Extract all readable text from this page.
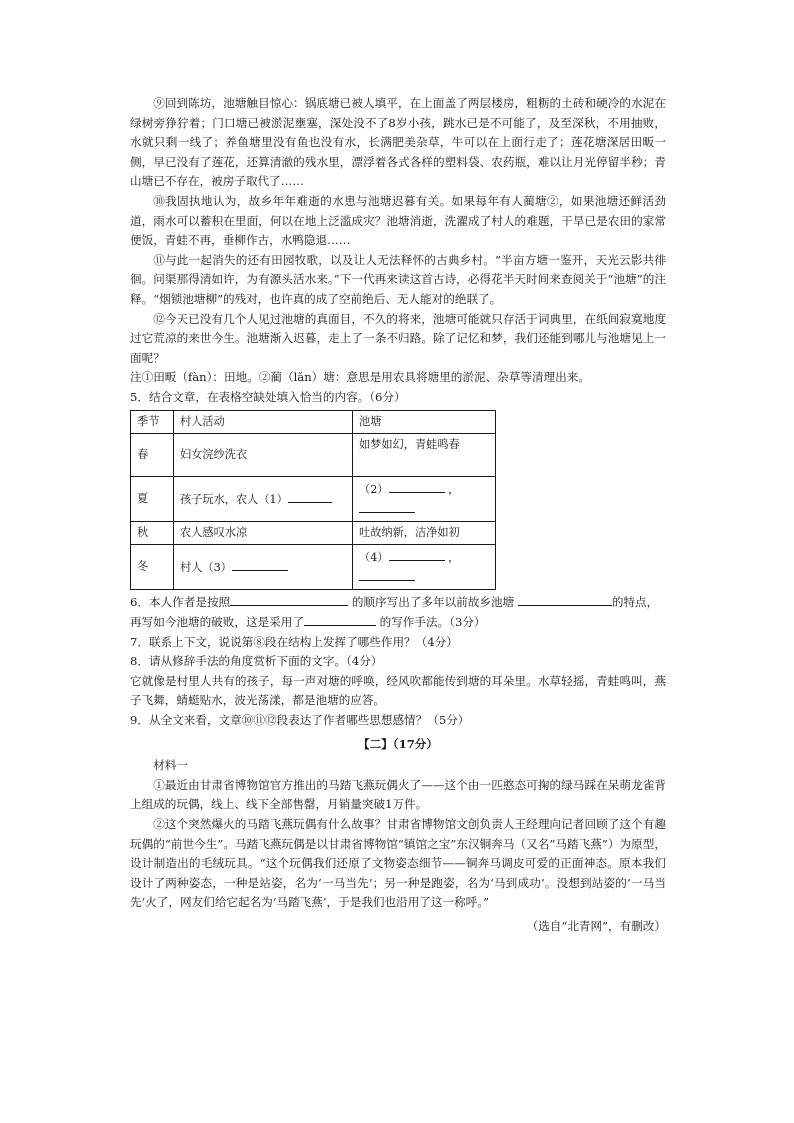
⑨回到陈坊，池塘触目惊心：锅底塘已被人填平，在上面盖了两层楼房，粗粝的土砖和硬冷的水泥在绿树旁狰狞着；门口塘已被淤泥壅塞，深处没不了8岁小孩，跳水已是不可能了，及至深秋，不用抽败，水就只剩一线了；养鱼塘里没有鱼也没有水，长满肥美杂草，牛可以在上面行走了；莲花塘深居田畈一侧，早已没有了莲花，还算清澈的残水里，漂浮着各式各样的塑料袋、农药瓶，难以让月光停留半秒；青山塘已不存在，被房子取代了……

⑩我固执地认为，故乡年年难逝的水患与池塘迟暮有关。如果每年有人蔺塘②，如果池塘还鲜活劲道，雨水可以蓄积在里面，何以在地上泛滥成灾？池塘消逝，洗濯成了村人的难题，干旱已是农田的家常便饭，青蛙不再，垂柳作古，水鸭隐退……

⑪与此一起消失的还有田园牧歌，以及让人无法释怀的古典乡村。“半亩方塘一鉴开，天光云影共徘徊。问渠那得清如许，为有源头活水来。”下一代再来读这首古诗，必得花半天时间来查阅关于“池塘”的注释。“烟锁池塘柳”的残对，也许真的成了空前绝后、无人能对的绝联了。

⑫今天已没有几个人见过池塘的真面目，不久的将来，池塘可能就只存活于词典里，在纸间寂寞地度过它荒凉的来世今生。池塘渐入迟暮，走上了一条不归路。除了记忆和梦，我们还能到哪儿与池塘见上一面呢？

注①田畈（fàn）：田地。②蔺（lǎn）塘：意思是用农具将塘里的淤泥、杂草等清理出来。

5．结合文章，在表格空缺处填入恰当的内容。（6分）

季节	村人活动	池塘
春	妇女浣纱洗衣	如梦如幻，青蛙鸣春
夏	孩子玩水，农人（1）	（2） ，
秋	农人感叹水凉	吐故纳新，洁净如初
冬	村人（3）	（4） ，

6．本人作者是按照	的顺序写出了多年以前故乡池塘	的特点，

再写如今池塘的破败，这是采用了	的写作手法。（3分）

7．联系上下文，说说第⑧段在结构上发挥了哪些作用？（4分）

8．请从修辞手法的角度赏析下面的文字。（4分）

它就像是村里人共有的孩子，每一声对塘的呼唤，经风吹都能传到塘的耳朵里。水草轻摇，青蛙鸣叫，燕子飞舞，蜻蜓贴水，波光荡漾，都是池塘的应答。

9．从全文来看，文章⑩⑪⑫段表达了作者哪些思想感情？（5分）

【二】（17分）

材料一

①最近由甘肃省博物馆官方推出的马踏飞燕玩偶火了——这个由一匹憨态可掬的绿马踩在呆萌龙雀背上组成的玩偶，线上、线下全部售罄，月销量突破1万件。

②这个突然爆火的马踏飞燕玩偶有什么故事？甘肃省博物馆文创负责人王经理向记者回顾了这个有趣玩偶的“前世今生”。马踏飞燕玩偶是以甘肃省博物馆“镇馆之宝”东汉铜奔马（又名“马踏飞燕”）为原型，设计制造出的毛绒玩具。“这个玩偶我们还原了文物姿态细节——铜奔马调皮可爱的正面神态。原本我们设计了两种姿态，一种是站姿，名为‘一马当先’；另一种是跑姿，名为‘马到成功’。没想到站姿的‘一马当先’火了，网友们给它起名为‘马踏飞燕’，于是我们也沿用了这一称呼。”

（选自“北青网”，有删改）
